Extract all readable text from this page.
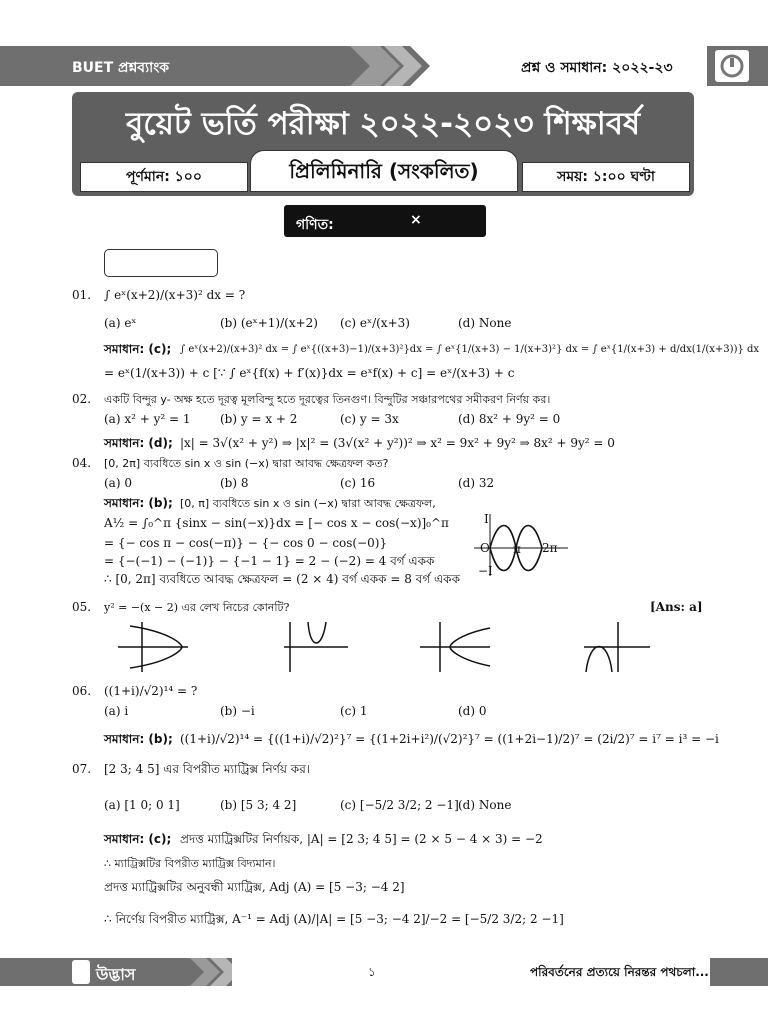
BUET প্রশ্নব্যাংক	প্রশ্ন ও সমাধান: ২০২২-২৩
বুয়েট ভর্তি পরীক্ষা ২০২২-২০২৩ শিক্ষাবর্ষ
পূর্ণমান: ১০০	প্রিলিমিনারি (সংকলিত)	সময়: ১:০০ ঘণ্টা
গণিত:	×
01. ∫ eˣ(x+2)/(x+3)² dx = ?
(a) eˣ	(b) (eˣ+1)/(x+2) (c) eˣ/(x+3)	(d) None
সমাধান: (c); ∫ eˣ(x+2)/(x+3)² dx = ∫ eˣ{((x+3)−1)/(x+3)²}dx = ∫ eˣ{1/(x+3) − 1/(x+3)²} dx = ∫ eˣ{1/(x+3) + d/dx(1/(x+3))} dx
= eˣ(1/(x+3)) + c [∵ ∫ eˣ{f(x) + f′(x)}dx = eˣf(x) + c] = eˣ/(x+3) + c
02. একটি বিন্দুর y- অক্ষ হতে দূরত্ব মূলবিন্দু হতে দূরত্বের তিনগুণ। বিন্দুটির সঞ্চারপথের সমীকরণ নির্ণয় কর।
(a) x² + y² = 1 (b) y = x + 2	(c) y = 3x	(d) 8x² + 9y² = 0
সমাধান: (d); |x| = 3√(x² + y²) ⇒ |x|² = (3√(x² + y²))² ⇒ x² = 9x² + 9y² ⇒ 8x² + 9y² = 0
04. [0, 2π] ব্যবধিতে sin x ও sin (−x) দ্বারা আবদ্ধ ক্ষেত্রফল কত?
(a) 0	(b) 8	(c) 16	(d) 32
সমাধান: (b); [0, π] ব্যবধিতে sin x ও sin (−x) দ্বারা আবদ্ধ ক্ষেত্রফল,
A½ = ∫₀^π {sinx − sin(−x)}dx = [− cos x − cos(−x)]₀^π
= {− cos π − cos(−π)} − {− cos 0 − cos(−0)}
= {−(−1) − (−1)} − {−1 − 1} = 2 − (−2) = 4 বর্গ একক
∴ [0, 2π] ব্যবধিতে আবদ্ধ ক্ষেত্রফল = (2 × 4) বর্গ একক = 8 বর্গ একক
I
O π 2π
−I
05. y² = −(x − 2) এর লেখ নিচের কোনটি?	[Ans: a]
06. ((1+i)/√2)¹⁴ = ?
(a) i	(b) −i	(c) 1	(d) 0
সমাধান: (b); ((1+i)/√2)¹⁴ = {((1+i)/√2)²}⁷ = {(1+2i+i²)/(√2)²}⁷ = ((1+2i−1)/2)⁷ = (2i/2)⁷ = i⁷ = i³ = −i
07. [2 3; 4 5] এর বিপরীত ম্যাট্রিক্স নির্ণয় কর।
(a) [1 0; 0 1]	(b) [5 3; 4 2]	(c) [−5/2 3/2; 2 −1] (d) None
সমাধান: (c); প্রদত্ত ম্যাট্রিক্সটির নির্ণায়ক, |A| = [2 3; 4 5] = (2 × 5 − 4 × 3) = −2
∴ ম্যাট্রিক্সটির বিপরীত ম্যাট্রিক্স বিদ্যমান।
প্রদত্ত ম্যাট্রিক্সটির অনুবন্ধী ম্যাট্রিক্স, Adj (A) = [5 −3; −4 2]
∴ নির্ণেয় বিপরীত ম্যাট্রিক্স, A⁻¹ = Adj (A)/|A| = [5 −3; −4 2]/−2 = [−5/2 3/2; 2 −1]
উদ্ভাস	১	পরিবর্তনের প্রত্যয়ে নিরন্তর পথচলা...
